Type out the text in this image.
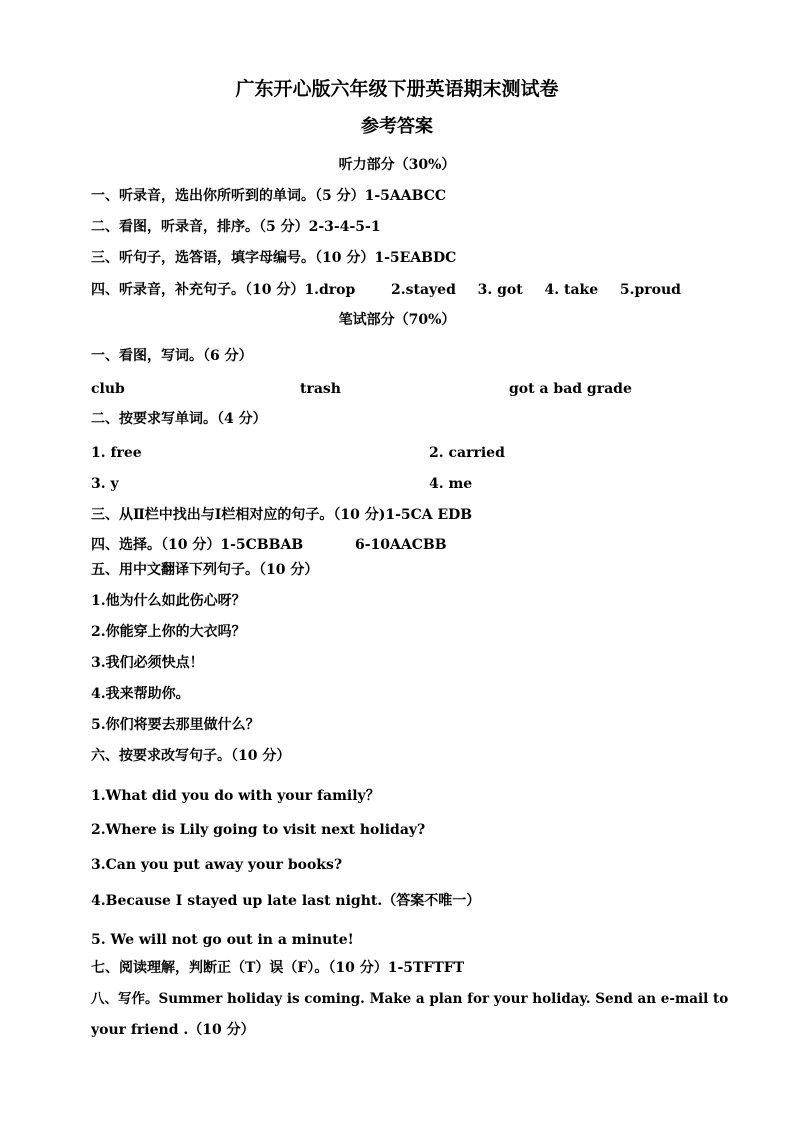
广东开心版六年级下册英语期末测试卷
参考答案
听力部分（30%）
一、听录音，选出你所听到的单词。（5 分）1-5AABCC
二、看图，听录音，排序。（5 分）2-3-4-5-1
三、听句子，选答语，填字母编号。（10 分）1-5EABDC
四、听录音，补充句子。（10 分）1.drop	2.stayed 3. got 4. take 5.proud
笔试部分（70%）
一、看图，写词。（6 分）
club	trash	got a bad grade
二、按要求写单词。（4 分）
1. free	2. carried
3. y	4. me
三、从Ⅱ栏中找出与Ⅰ栏相对应的句子。（10 分)1-5CA EDB
四、选择。（10 分）1-5CBBAB	6-10AACBB
五、用中文翻译下列句子。（10 分）
1.他为什么如此伤心呀？
2.你能穿上你的大衣吗？
3.我们必须快点！
4.我来帮助你。
5.你们将要去那里做什么？
六、按要求改写句子。（10 分）
1.What did you do with your family？
2.Where is Lily going to visit next holiday?
3.Can you put away your books?
4.Because I stayed up late last night.（答案不唯一）
5. We will not go out in a minute!
七、阅读理解，判断正（T）误（F）。（10 分）1-5TFTFT
八、写作。Summer holiday is coming. Make a plan for your holiday. Send an e-mail to
your friend .（10 分）
